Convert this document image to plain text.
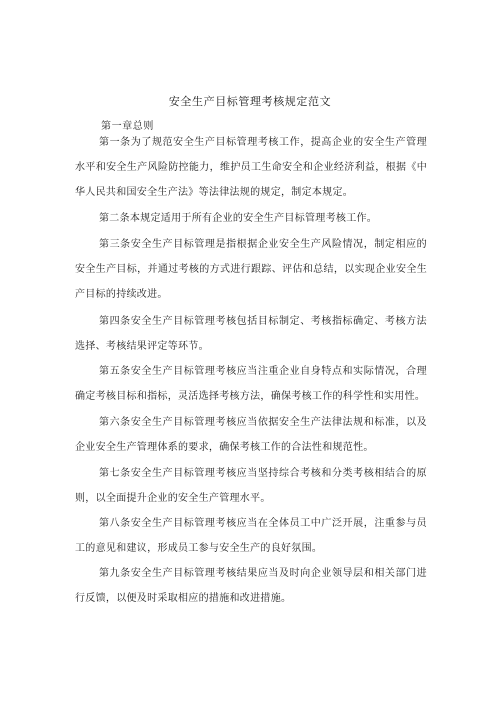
安全生产目标管理考核规定范文
第一章总则

第一条为了规范安全生产目标管理考核工作，提高企业的安全生产管理水平和安全生产风险防控能力，维护员工生命安全和企业经济利益，根据《中华人民共和国安全生产法》等法律法规的规定，制定本规定。

第二条本规定适用于所有企业的安全生产目标管理考核工作。

第三条安全生产目标管理是指根据企业安全生产风险情况，制定相应的安全生产目标，并通过考核的方式进行跟踪、评估和总结，以实现企业安全生产目标的持续改进。

第四条安全生产目标管理考核包括目标制定、考核指标确定、考核方法选择、考核结果评定等环节。

第五条安全生产目标管理考核应当注重企业自身特点和实际情况，合理确定考核目标和指标，灵活选择考核方法，确保考核工作的科学性和实用性。

第六条安全生产目标管理考核应当依据安全生产法律法规和标准，以及企业安全生产管理体系的要求，确保考核工作的合法性和规范性。

第七条安全生产目标管理考核应当坚持综合考核和分类考核相结合的原则，以全面提升企业的安全生产管理水平。

第八条安全生产目标管理考核应当在全体员工中广泛开展，注重参与员工的意见和建议，形成员工参与安全生产的良好氛围。

第九条安全生产目标管理考核结果应当及时向企业领导层和相关部门进行反馈，以便及时采取相应的措施和改进措施。
